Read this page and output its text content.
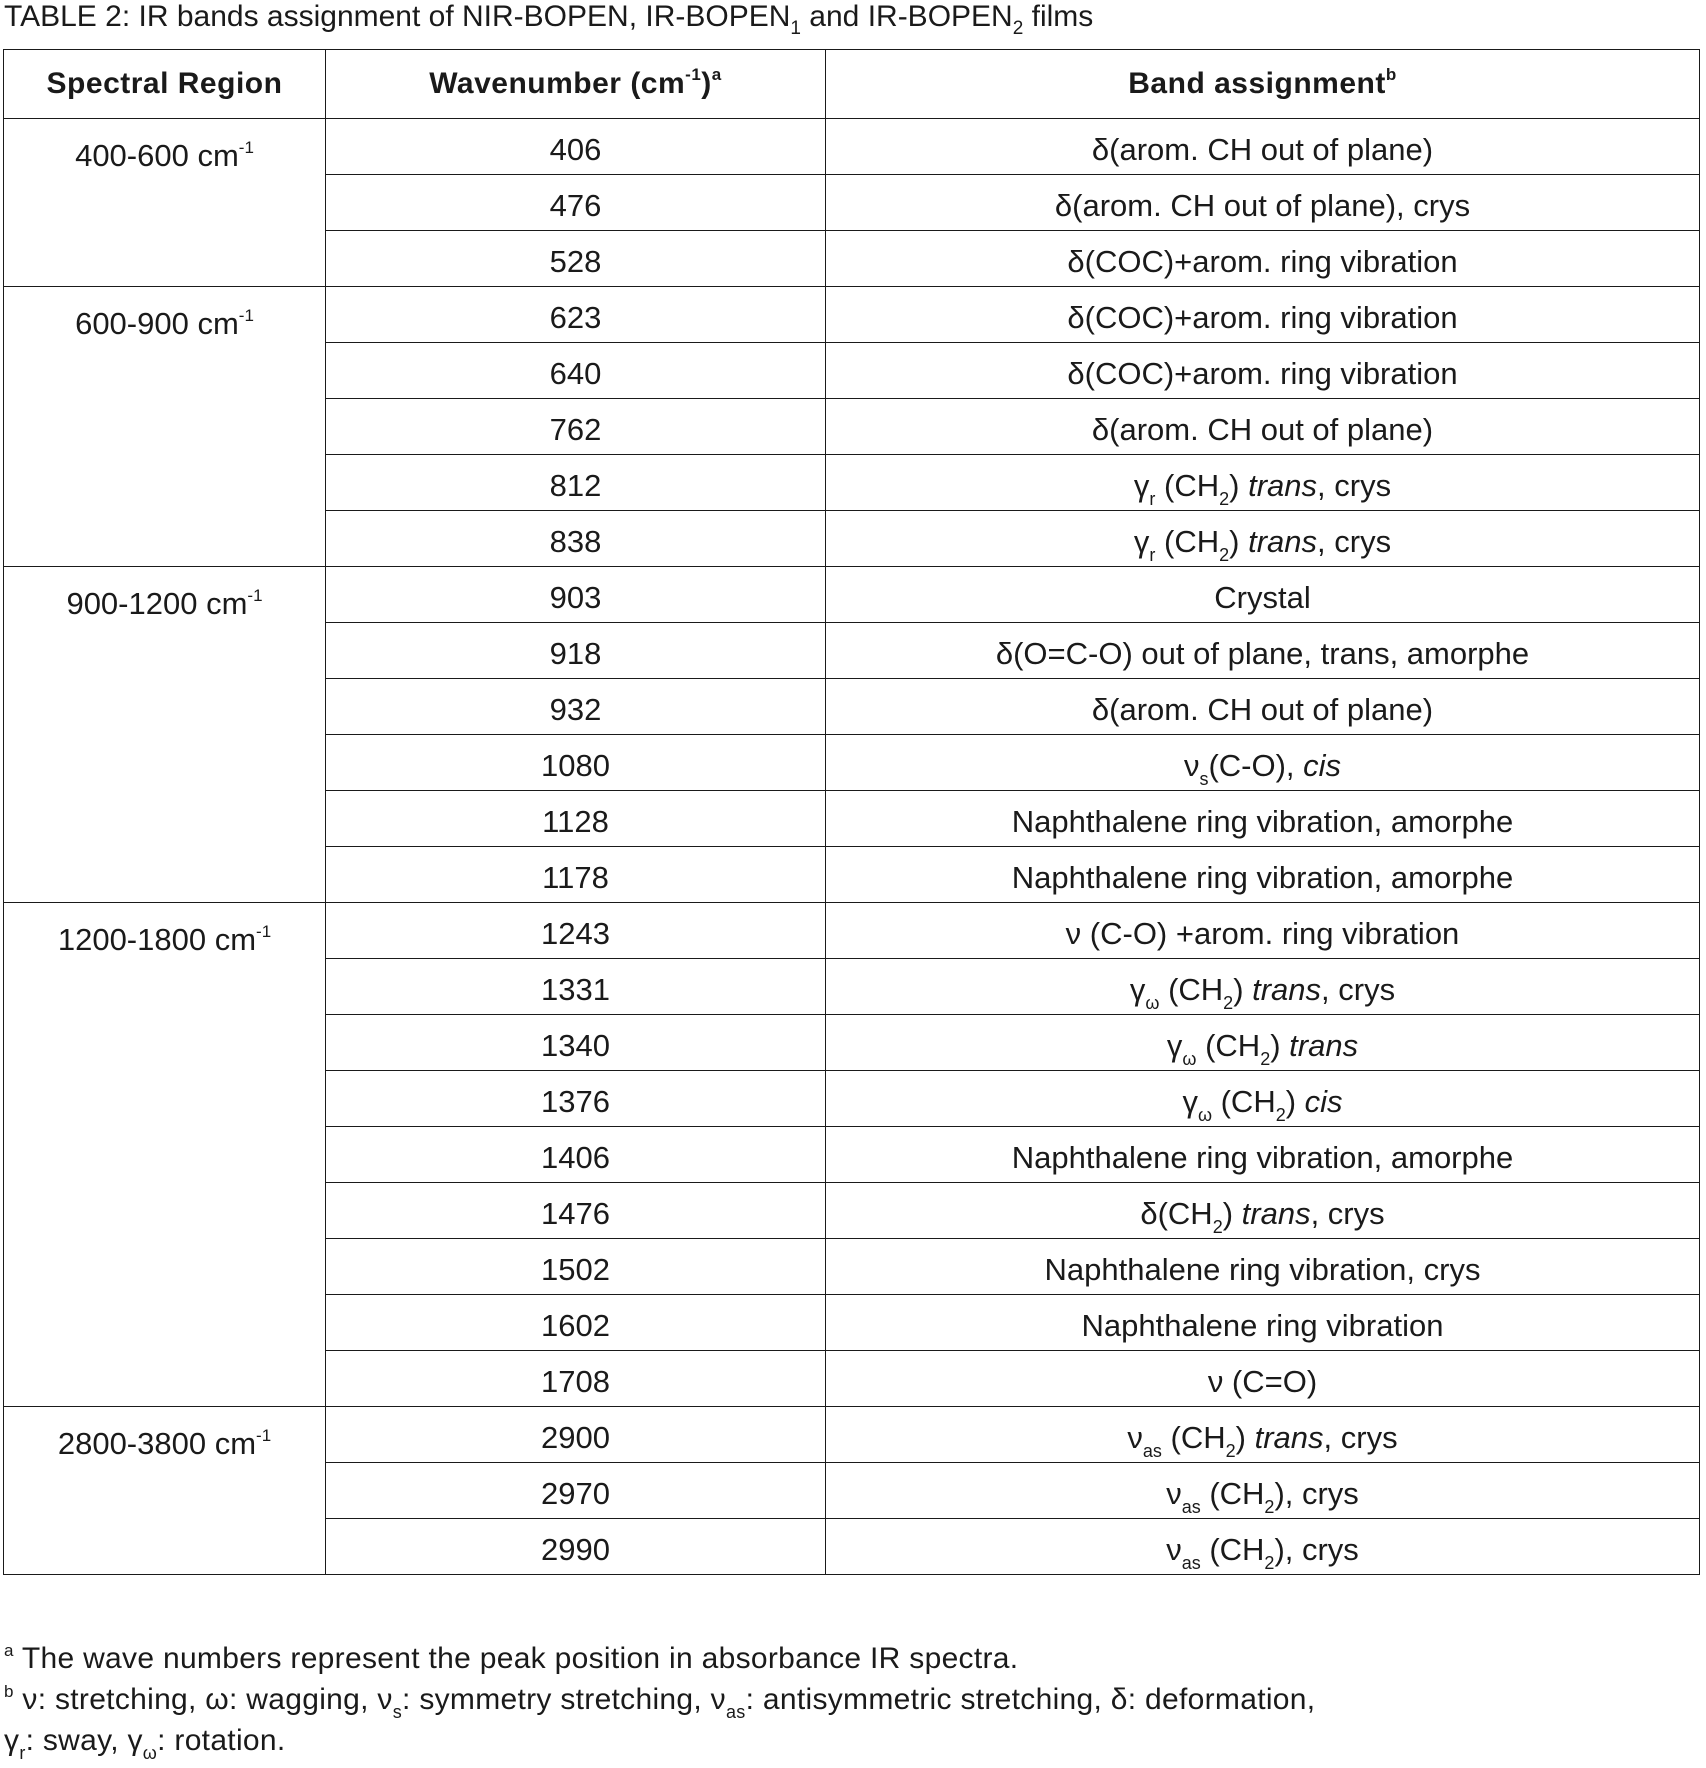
TABLE 2: IR bands assignment of NIR-BOPEN, $IR-BOPEN_1$ and $IR-BOPEN_2$ films
Spectral Region	Wavenumber $(cm^{-1})^a$	Band assignment$^b$
400-600 $cm^{-1}$	406	δ(arom. CH out of plane)
	476	δ(arom. CH out of plane), crys
	528	δ(COC)+arom. ring vibration
600-900 $cm^{-1}$	623	δ(COC)+arom. ring vibration
	640	δ(COC)+arom. ring vibration
	762	δ(arom. CH out of plane)
	812	$\gamma_r$ $(CH_2)$ trans, crys
	838	$\gamma_r$ $(CH_2)$ trans, crys
900-1200 $cm^{-1}$	903	Crystal
	918	δ(O=C-O) out of plane, trans, amorphe
	932	δ(arom. CH out of plane)
	1080	$\nu_s(C-O)$, cis
	1128	Naphthalene ring vibration, amorphe
	1178	Naphthalene ring vibration, amorphe
1200-1800 $cm^{-1}$	1243	ν (C-O) +arom. ring vibration
	1331	$\gamma_\omega$ $(CH_2)$ trans, crys
	1340	$\gamma_\omega$ $(CH_2)$ trans
	1376	$\gamma_\omega$ $(CH_2)$ cis
	1406	Naphthalene ring vibration, amorphe
	1476	$\delta(CH_2)$ trans, crys
	1502	Naphthalene ring vibration, crys
	1602	Naphthalene ring vibration
	1708	ν (C=O)
2800-3800 $cm^{-1}$	2900	$\nu_{as}$ $(CH_2)$ trans, crys
	2970	$\nu_{as}$ $(CH_2)$, crys
	2990	$\nu_{as}$ $(CH_2)$, crys
$^a$ The wave numbers represent the peak position in absorbance IR spectra.
$^b$ ν: stretching, ω: wagging, $\nu_s$: symmetry stretching, $\nu_{as}$: antisymmetric stretching, δ: deformation,
$\gamma_r$: sway, $\gamma_\omega$: rotation.
